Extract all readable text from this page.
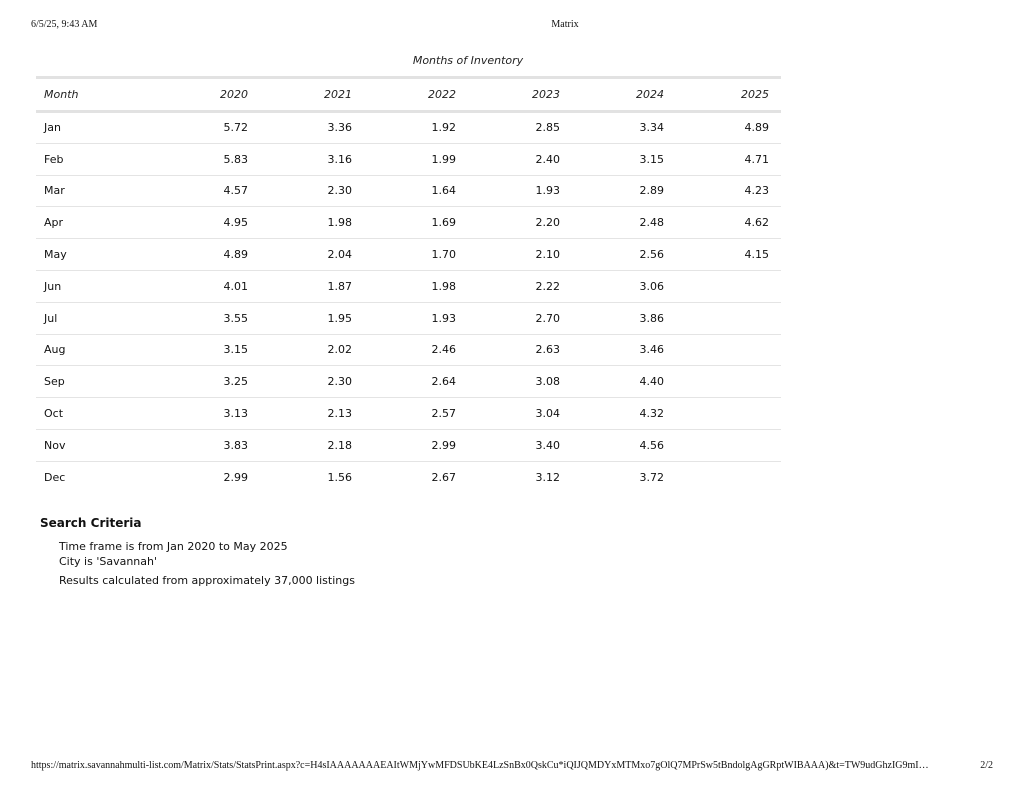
6/5/25, 9:43 AM	Matrix
Months of Inventory
Month	2020	2021	2022	2023	2024	2025
Jan	5.72	3.36	1.92	2.85	3.34	4.89
Feb	5.83	3.16	1.99	2.40	3.15	4.71
Mar	4.57	2.30	1.64	1.93	2.89	4.23
Apr	4.95	1.98	1.69	2.20	2.48	4.62
May	4.89	2.04	1.70	2.10	2.56	4.15
Jun	4.01	1.87	1.98	2.22	3.06	
Jul	3.55	1.95	1.93	2.70	3.86	
Aug	3.15	2.02	2.46	2.63	3.46	
Sep	3.25	2.30	2.64	3.08	4.40	
Oct	3.13	2.13	2.57	3.04	4.32	
Nov	3.83	2.18	2.99	3.40	4.56	
Dec	2.99	1.56	2.67	3.12	3.72	
Search Criteria
Time frame is from Jan 2020 to May 2025
City is 'Savannah'
Results calculated from approximately 37,000 listings
https://matrix.savannahmulti-list.com/Matrix/Stats/StatsPrint.aspx?c=H4sIAAAAAAAEAItWMjYwMFDSUbKE4LzSnBx0QskCu*iQIJQMDYxMTMxo7gOlQ7MPrSw5tBndolgAgGRptWIBAAA)&t=TW9udGhzIG9mI…	2/2
